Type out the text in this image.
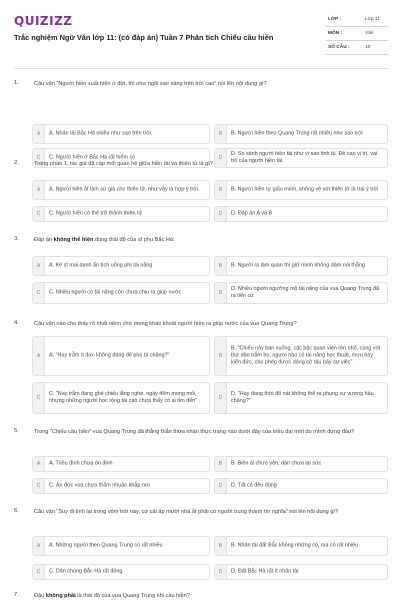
QUIZIZZ
Trắc nghiệm Ngữ Văn lớp 11: (có đáp án) Tuần 7 Phân tích Chiếu cầu hiền
LỚP :	Lớp 11
MÔN :	Văn
SỐ CÂU :	10
1.	Câu văn "Người hiền xuất hiện ở đời, thì như ngôi sao sáng trên trời cao" nói lên nội dung gì?
A	A. Nhấn tài Bắc Hà nhiều như sao trên trời.	B	B. Người hiền theo Quang Trung rất nhiều như sao trời
C	C. Người hiền ở Bắc Hà rất hiếm có	D
D. So sánh người hiền tài như vì sao tinh tú. Đề cao vị trí, vai trò của người hiền tài.
2.	Trong phần 1, tác giả đã cập mối quan hệ giữa hiền tài và thiên tử là gì?
A	A. Người hiền ắt làm sứ giả cho thiên tử, như vậy là hợp ý trời.	B	B. Người hiền tự giấu mình, không về với thiên tử là trái ý trời
C	C. Người hiền có thể trở thành thiên tử	D	D. Đáp án A và B
3.	Đáp án không thể hiện đúng thái độ của sĩ phu Bắc Hà:
A	A. Kẻ sĩ mai danh ẩn tích uổng phí tài năng	B	B. Người ra làm quan thì giữ mình không dám nói thẳng
C	C. Nhiều người có tài năng còn chưa chịu ra giúp nước	D
D. Nhiều người ngưỡng mộ tài năng của vua Quang Trung đã ra tiến cử
4.	Câu văn nào cho thấy rõ nhất niềm chờ mong khác khoải người hiền ra giúp nước của vua Quang Trung?
A	A. "Hay trẫm ít đức không đáng để phò tá chăng?"	B
B. "Chiếu này ban xuống, các bậc quan viên lớn nhỏ, cùng với thứ dân trăm họ, người nào có tài năng học thuật, mưu hay kiến đức, cho phép được dâng sớ tâu bày sự việc"
C
C. "Nay trẫm đang ghé chiếu lắng nghe, ngày đêm mong mỏi, nhưng những người học rộng tài cao chưa thấy có ai tìm đến"	D
D. "Hay đang thời đổ nát không thể ra phụng sự vương hầu chăng?"
5.	Trong "Chiếu cầu hiền" vua Quang Trung đã thẳng thắn thừa nhận thực trạng nào dưới đây của triều đại mới do mình dựng đầu?
A	A. Triều đình chưa ổn định	B	B. Biên ải chưa yên, dân chưa lại sức
C	C. Ân đức vua chưa thấm nhuần khắp nơi	D	D. Tất cả đều đúng
6.	Câu văn "Suy đi tính lại trong vòm trời này, cứ cái ấp mười nhà ắt phải có người trung thành tín nghĩa" nói lên nội dung gì?
A	A. Những người theo Quang Trung có rất nhiều	B	B. Nhân tài đất Bắc không những có, mà có rất nhiều
C	C. Dân chúng Bắc Hà rất đông	D	D. Đất Bắc Hà rất ít nhân tài
7.	Đâu không phải là thái độ của vua Quang Trung khi cầu hiền?
